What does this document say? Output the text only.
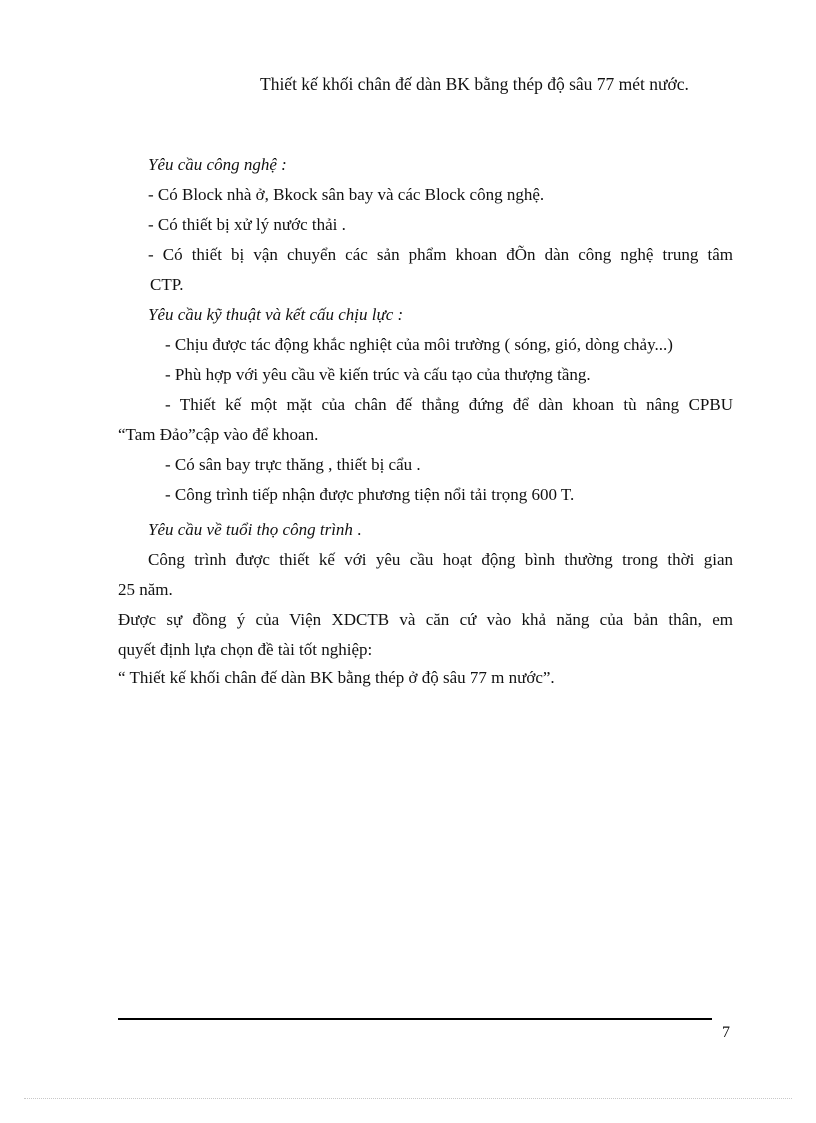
Thiết kế khối chân đế dàn BK bằng thép độ sâu 77 mét nước.
Yêu cầu công nghệ :
- Có Block nhà ở, Bkock sân bay và các Block công nghệ.
- Có thiết bị xử lý nước thải .
- Có thiết bị vận chuyển các sản phẩm khoan đÕn dàn công nghệ trung tâm
CTP.
Yêu cầu kỹ thuật và kết cấu chịu lực :
- Chịu được tác động khắc nghiệt của môi trường ( sóng, gió, dòng chảy...)
- Phù hợp với yêu cầu về kiến trúc và cấu tạo của thượng tầng.
- Thiết kế một mặt của chân đế thẳng đứng để dàn khoan tù nâng CPBU
“Tam Đảo”cập vào để khoan.
- Có sân bay trực thăng , thiết bị cẩu .
- Công trình tiếp nhận được phương tiện nổi tải trọng 600 T.
Yêu cầu về tuổi thọ công trình .
Công trình được thiết kế với yêu cầu hoạt động bình thường trong thời gian
25 năm.
Được sự đồng ý của Viện XDCTB và căn cứ vào khả năng của bản thân, em
quyết định lựa chọn đề tài tốt nghiệp:
“ Thiết kế khối chân đế dàn BK bằng thép ở độ sâu 77 m nước”.
7
